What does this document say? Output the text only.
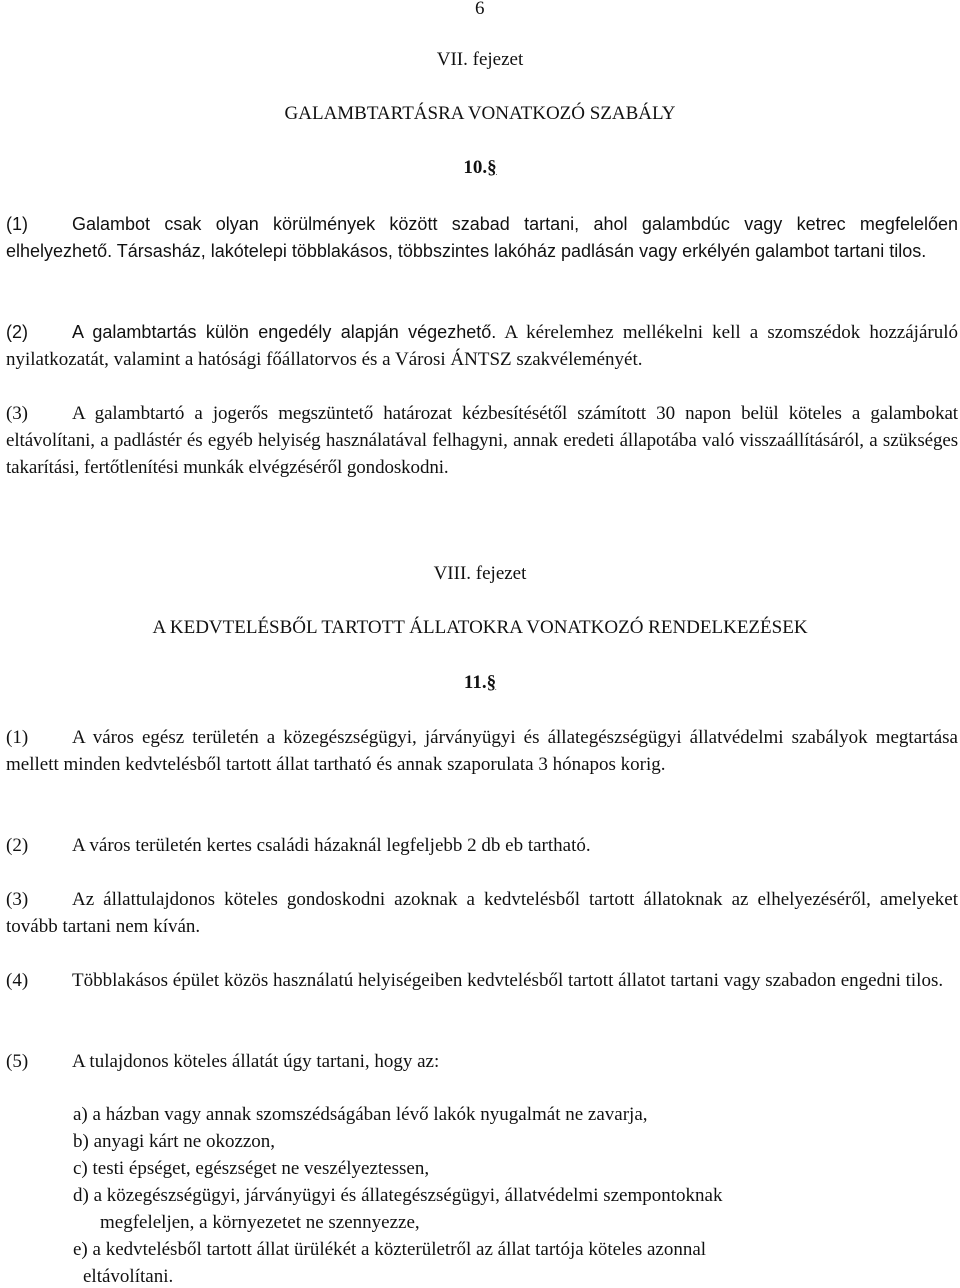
6
VII. fejezet
GALAMBTARTÁSRA VONATKOZÓ SZABÁLY
10.§
(1) Galambot csak olyan körülmények között szabad tartani, ahol galambdúc vagy ketrec megfelelően elhelyezhető. Társasház, lakótelepi többlakásos, többszintes lakóház padlásán vagy erkélyén galambot tartani tilos.
(2) A galambtartás külön engedély alapján végezhető. A kérelemhez mellékelni kell a szomszédok hozzájáruló nyilatkozatát, valamint a hatósági főállatorvos és a Városi ÁNTSZ szakvéleményét.
(3) A galambtartó a jogerős megszüntető határozat kézbesítésétől számított 30 napon belül köteles a galambokat eltávolítani, a padlástér és egyéb helyiség használatával felhagyni, annak eredeti állapotába való visszaállításáról, a szükséges takarítási, fertőtlenítési munkák elvégzéséről gondoskodni.
VIII. fejezet
A KEDVTELÉSBŐL TARTOTT ÁLLATOKRA VONATKOZÓ RENDELKEZÉSEK
11.§
(1) A város egész területén a közegészségügyi, járványügyi és állategészségügyi állatvédelmi szabályok megtartása mellett minden kedvtelésből tartott állat tartható és annak szaporulata 3 hónapos korig.
(2) A város területén kertes családi házaknál legfeljebb 2 db eb tartható.
(3) Az állattulajdonos köteles gondoskodni azoknak a kedvtelésből tartott állatoknak az elhelyezéséről, amelyeket tovább tartani nem kíván.
(4) Többlakásos épület közös használatú helyiségeiben kedvtelésből tartott állatot tartani vagy szabadon engedni tilos.
(5) A tulajdonos köteles állatát úgy tartani, hogy az:
a) a házban vagy annak szomszédságában lévő lakók nyugalmát ne zavarja,
b) anyagi kárt ne okozzon,
c) testi épséget, egészséget ne veszélyeztessen,
d) a közegészségügyi, járványügyi és állategészségügyi, állatvédelmi szempontoknak
megfeleljen, a környezetet ne szennyezze,
e) a kedvtelésből tartott állat ürülékét a közterületről az állat tartója köteles azonnal
eltávolítani.
